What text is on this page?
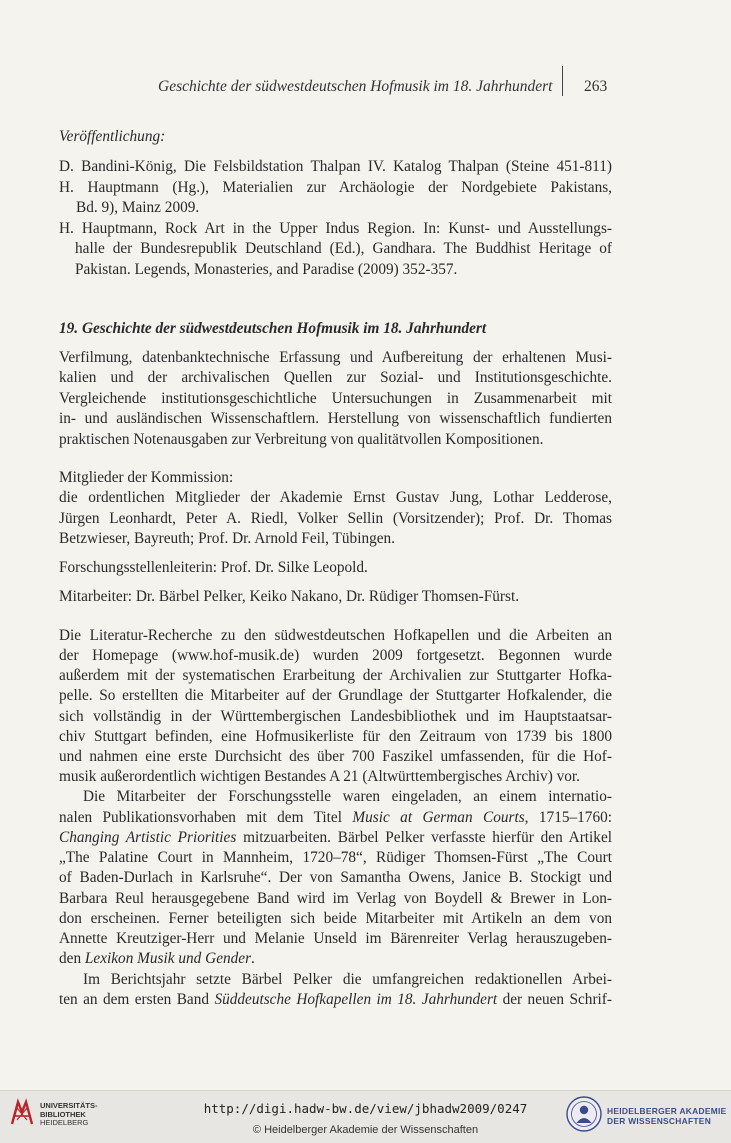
Geschichte der südwestdeutschen Hofmusik im 18. Jahrhundert 263
Veröffentlichung:
D. Bandini-König, Die Felsbildstation Thalpan IV. Katalog Thalpan (Steine 451-811)
H. Hauptmann (Hg.), Materialien zur Archäologie der Nordgebiete Pakistans,
Bd. 9), Mainz 2009.
H. Hauptmann, Rock Art in the Upper Indus Region. In: Kunst- und Ausstellungs-
halle der Bundesrepublik Deutschland (Ed.), Gandhara. The Buddhist Heritage of
Pakistan. Legends, Monasteries, and Paradise (2009) 352-357.
19. Geschichte der südwestdeutschen Hofmusik im 18. Jahrhundert
Verfilmung, datenbanktechnische Erfassung und Aufbereitung der erhaltenen Musi-
kalien und der archivalischen Quellen zur Sozial- und Institutionsgeschichte.
Vergleichende institutionsgeschichtliche Untersuchungen in Zusammenarbeit mit
in- und ausländischen Wissenschaftlern. Herstellung von wissenschaftlich fundierten
praktischen Notenausgaben zur Verbreitung von qualitätvollen Kompositionen.
Mitglieder der Kommission:
die ordentlichen Mitglieder der Akademie Ernst Gustav Jung, Lothar Ledderose,
Jürgen Leonhardt, Peter A. Riedl, Volker Sellin (Vorsitzender); Prof. Dr. Thomas
Betzwieser, Bayreuth; Prof. Dr. Arnold Feil, Tübingen.
Forschungsstellenleiterin: Prof. Dr. Silke Leopold.
Mitarbeiter: Dr. Bärbel Pelker, Keiko Nakano, Dr. Rüdiger Thomsen-Fürst.
Die Literatur-Recherche zu den südwestdeutschen Hofkapellen und die Arbeiten an
der Homepage (www.hof-musik.de) wurden 2009 fortgesetzt. Begonnen wurde
außerdem mit der systematischen Erarbeitung der Archivalien zur Stuttgarter Hofka-
pelle. So erstellten die Mitarbeiter auf der Grundlage der Stuttgarter Hofkalender, die
sich vollständig in der Württembergischen Landesbibliothek und im Hauptstaatsar-
chiv Stuttgart befinden, eine Hofmusikerliste für den Zeitraum von 1739 bis 1800
und nahmen eine erste Durchsicht des über 700 Faszikel umfassenden, für die Hof-
musik außerordentlich wichtigen Bestandes A 21 (Altwürttembergisches Archiv) vor.
Die Mitarbeiter der Forschungsstelle waren eingeladen, an einem internatio-
nalen Publikationsvorhaben mit dem Titel Music at German Courts, 1715–1760:
Changing Artistic Priorities mitzuarbeiten. Bärbel Pelker verfasste hierfür den Artikel
„The Palatine Court in Mannheim, 1720–78“, Rüdiger Thomsen-Fürst „The Court
of Baden-Durlach in Karlsruhe“. Der von Samantha Owens, Janice B. Stockigt und
Barbara Reul herausgegebene Band wird im Verlag von Boydell & Brewer in Lon-
don erscheinen. Ferner beteiligten sich beide Mitarbeiter mit Artikeln an dem von
Annette Kreutziger-Herr und Melanie Unseld im Bärenreiter Verlag herauszugeben-
den Lexikon Musik und Gender.
Im Berichtsjahr setzte Bärbel Pelker die umfangreichen redaktionellen Arbei-
ten an dem ersten Band Süddeutsche Hofkapellen im 18. Jahrhundert der neuen Schrif-
UNIVERSITÄTS-
BIBLIOTHEK
HEIDELBERG
http://digi.hadw-bw.de/view/jbhadw2009/0247
© Heidelberger Akademie der Wissenschaften
HEIDELBERGER AKADEMIE
DER WISSENSCHAFTEN
